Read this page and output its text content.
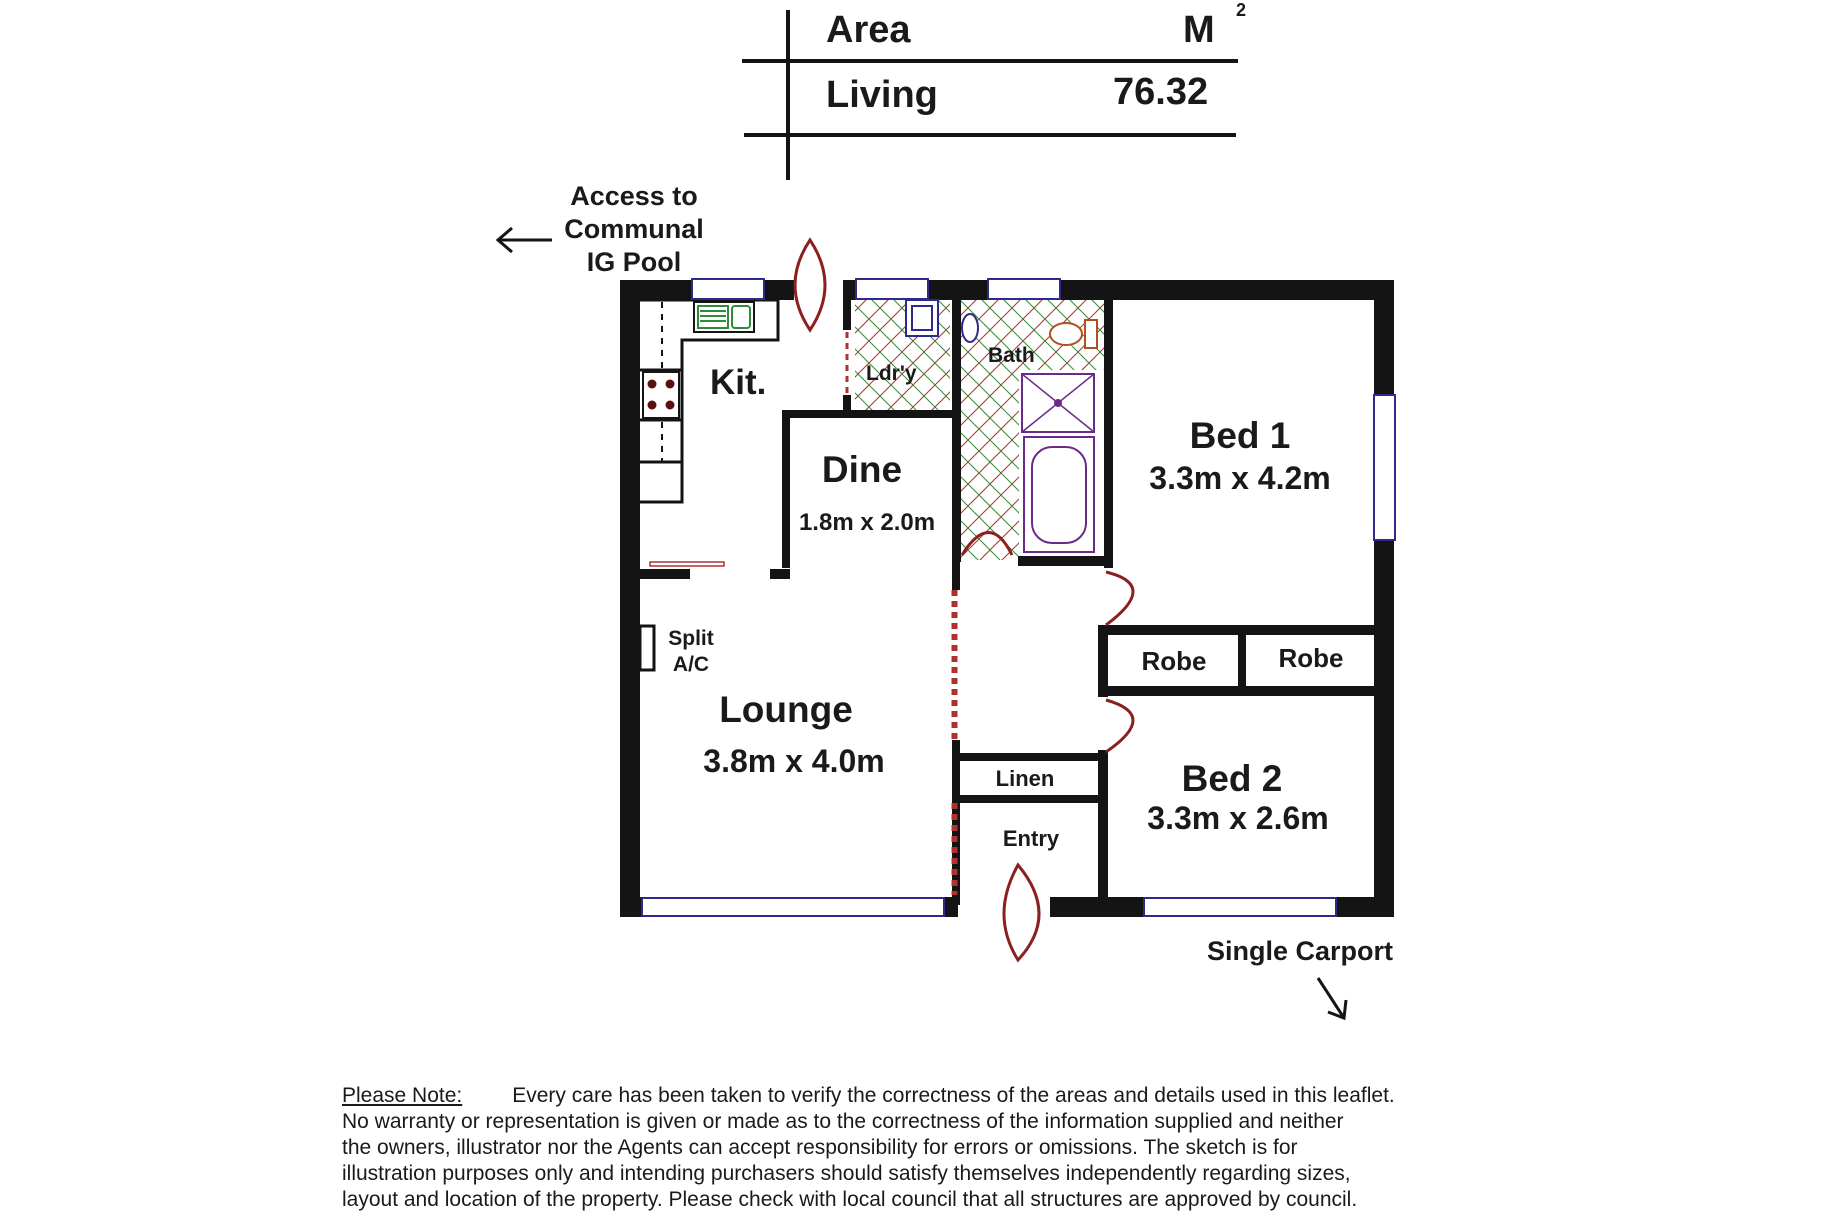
Area	M 2
Living	76.32
Access to
Communal
IG Pool
Kit.	Ldr'y
Bath
Dine
1.8m x 2.0m
Split
A/C
Lounge
3.8m x 4.0m
Bed 1
3.3m x 4.2m
Robe	Robe
Bed 2
3.3m x 2.6m
Linen
Entry
Single Carport
Please Note: Every care has been taken to verify the correctness of the areas and details used in this leaflet.
No warranty or representation is given or made as to the correctness of the information supplied and neither
the owners, illustrator nor the Agents can accept responsibility for errors or omissions. The sketch is for
illustration purposes only and intending purchasers should satisfy themselves independently regarding sizes,
layout and location of the property. Please check with local council that all structures are approved by council.
